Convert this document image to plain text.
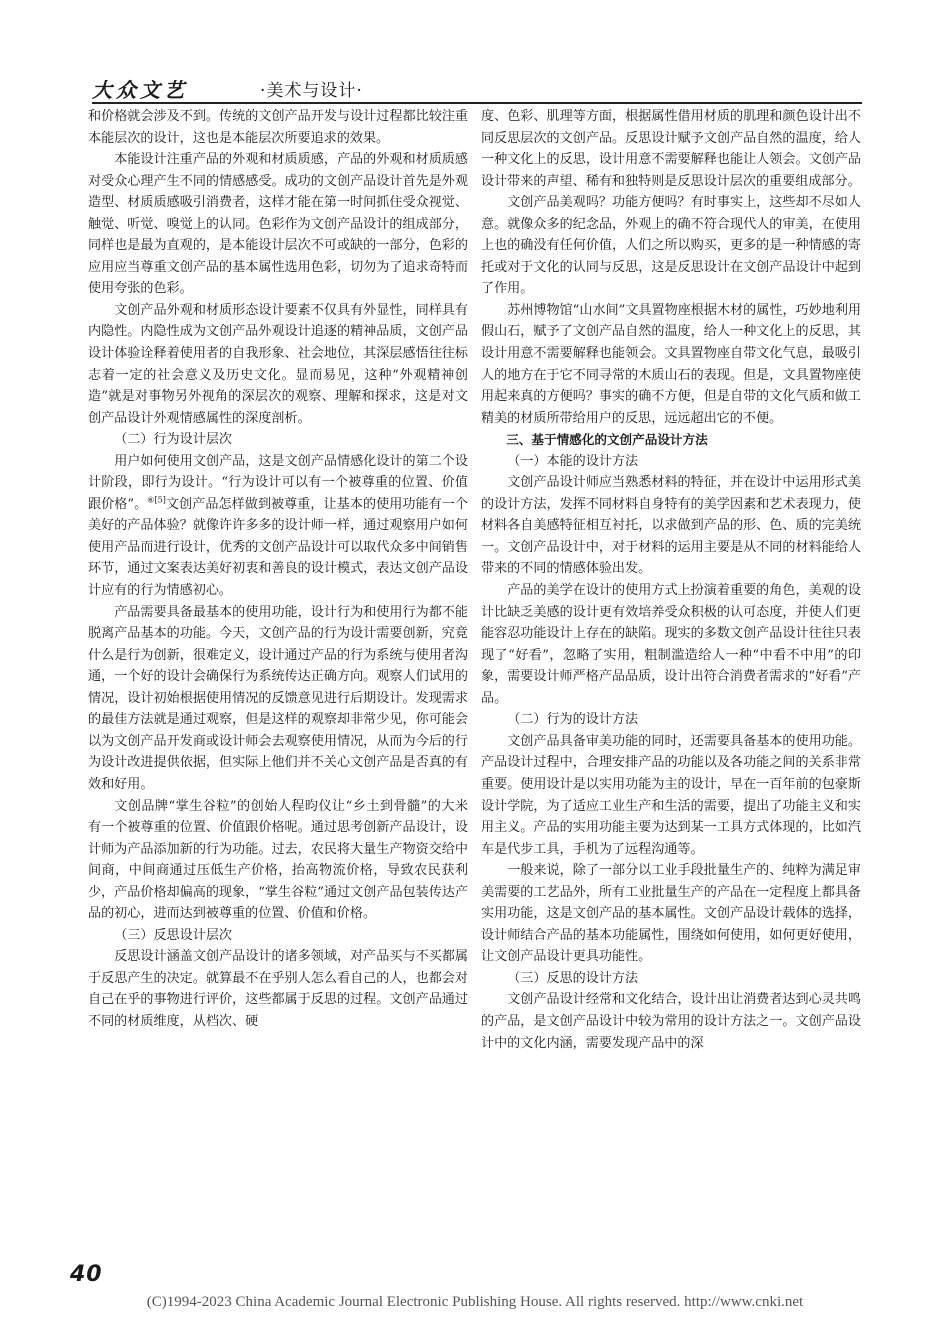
大众文艺	·美术与设计·

和价格就会涉及不到。传统的文创产品开发与设计过程都比较注重本能层次的设计，这也是本能层次所要追求的效果。

本能设计注重产品的外观和材质质感，产品的外观和材质质感对受众心理产生不同的情感感受。成功的文创产品设计首先是外观造型、材质质感吸引消费者，这样才能在第一时间抓住受众视觉、触觉、听觉、嗅觉上的认同。色彩作为文创产品设计的组成部分，同样也是最为直观的，是本能设计层次不可或缺的一部分，色彩的应用应当尊重文创产品的基本属性选用色彩，切勿为了追求奇特而使用夸张的色彩。

文创产品外观和材质形态设计要素不仅具有外显性，同样具有内隐性。内隐性成为文创产品外观设计追逐的精神品质，文创产品设计体验诠释着使用者的自我形象、社会地位，其深层感悟往往标志着一定的社会意义及历史文化。显而易见，这种“外观精神创造”就是对事物另外视角的深层次的观察、理解和探求，这是对文创产品设计外观情感属性的深度剖析。

（二）行为设计层次

用户如何使用文创产品，这是文创产品情感化设计的第二个设计阶段，即行为设计。“行为设计可以有一个被尊重的位置、价值跟价格”。$^{⑥[5]}$文创产品怎样做到被尊重，让基本的使用功能有一个美好的产品体验？就像许许多多的设计师一样，通过观察用户如何使用产品而进行设计，优秀的文创产品设计可以取代众多中间销售环节，通过文案表达美好初衷和善良的设计模式，表达文创产品设计应有的行为情感初心。

产品需要具备最基本的使用功能，设计行为和使用行为都不能脱离产品基本的功能。今天，文创产品的行为设计需要创新，究竟什么是行为创新，很难定义，设计通过产品的行为系统与使用者沟通，一个好的设计会确保行为系统传达正确方向。观察人们试用的情况，设计初始根据使用情况的反馈意见进行后期设计。发现需求的最佳方法就是通过观察，但是这样的观察却非常少见，你可能会以为文创产品开发商或设计师会去观察使用情况，从而为今后的行为设计改进提供依据，但实际上他们并不关心文创产品是否真的有效和好用。

文创品牌“掌生谷粒”的创始人程昀仪让“乡土到骨髓”的大米有一个被尊重的位置、价值跟价格呢。通过思考创新产品设计，设计师为产品添加新的行为功能。过去，农民将大量生产物资交给中间商，中间商通过压低生产价格，抬高物流价格，导致农民获利少，产品价格却偏高的现象，“掌生谷粒”通过文创产品包装传达产品的初心，进而达到被尊重的位置、价值和价格。

（三）反思设计层次

反思设计涵盖文创产品设计的诸多领域，对产品买与不买都属于反思产生的决定。就算最不在乎别人怎么看自己的人，也都会对自己在乎的事物进行评价，这些都属于反思的过程。文创产品通过不同的材质维度，从档次、硬

度、色彩、肌理等方面，根据属性借用材质的肌理和颜色设计出不同反思层次的文创产品。反思设计赋予文创产品自然的温度，给人一种文化上的反思，设计用意不需要解释也能让人领会。文创产品设计带来的声望、稀有和独特则是反思设计层次的重要组成部分。

文创产品美观吗？功能方便吗？有时事实上，这些却不尽如人意。就像众多的纪念品，外观上的确不符合现代人的审美，在使用上也的确没有任何价值，人们之所以购买，更多的是一种情感的寄托或对于文化的认同与反思，这是反思设计在文创产品设计中起到了作用。

苏州博物馆“山水间”文具置物座根据木材的属性，巧妙地利用假山石，赋予了文创产品自然的温度，给人一种文化上的反思，其设计用意不需要解释也能领会。文具置物座自带文化气息，最吸引人的地方在于它不同寻常的木质山石的表现。但是，文具置物座使用起来真的方便吗？事实的确不方便，但是自带的文化气质和做工精美的材质所带给用户的反思，远远超出它的不便。

三、基于情感化的文创产品设计方法

（一）本能的设计方法

文创产品设计师应当熟悉材料的特征，并在设计中运用形式美的设计方法，发挥不同材料自身特有的美学因素和艺术表现力，使材料各自美感特征相互衬托，以求做到产品的形、色、质的完美统一。文创产品设计中，对于材料的运用主要是从不同的材料能给人带来的不同的情感体验出发。

产品的美学在设计的使用方式上扮演着重要的角色，美观的设计比缺乏美感的设计更有效培养受众积极的认可态度，并使人们更能容忍功能设计上存在的缺陷。现实的多数文创产品设计往往只表现了“好看”，忽略了实用，粗制滥造给人一种“中看不中用”的印象，需要设计师严格产品品质，设计出符合消费者需求的“好看”产品。

（二）行为的设计方法

文创产品具备审美功能的同时，还需要具备基本的使用功能。产品设计过程中，合理安排产品的功能以及各功能之间的关系非常重要。使用设计是以实用功能为主的设计，早在一百年前的包豪斯设计学院，为了适应工业生产和生活的需要，提出了功能主义和实用主义。产品的实用功能主要为达到某一工具方式体现的，比如汽车是代步工具，手机为了远程沟通等。

一般来说，除了一部分以工业手段批量生产的、纯粹为满足审美需要的工艺品外，所有工业批量生产的产品在一定程度上都具备实用功能，这是文创产品的基本属性。文创产品设计载体的选择，设计师结合产品的基本功能属性，围绕如何使用，如何更好使用，让文创产品设计更具功能性。

（三）反思的设计方法

文创产品设计经常和文化结合，设计出让消费者达到心灵共鸣的产品，是文创产品设计中较为常用的设计方法之一。文创产品设计中的文化内涵，需要发现产品中的深

40
(C)1994-2023 China Academic Journal Electronic Publishing House. All rights reserved. http://www.cnki.net
